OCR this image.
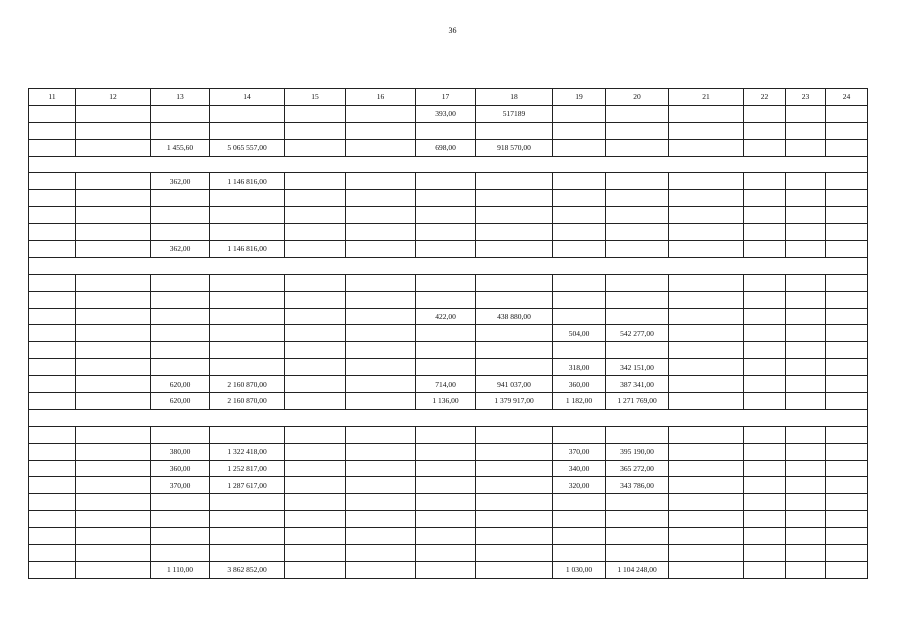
36
11	12	13	14	15	16	17	18	19	20	21	22	23	24
						393,00	517189						

		1 455,60	5 065 557,00			698,00	918 570,00						

		362,00	1 146 816,00										

		362,00	1 146 816,00										

						422,00	438 880,00						
								504,00	542 277,00				

								318,00	342 151,00				
		620,00	2 160 870,00			714,00	941 037,00	360,00	387 341,00				
		620,00	2 160 870,00			1 136,00	1 379 917,00	1 182,00	1 271 769,00				

		380,00	1 322 418,00					370,00	395 190,00				
		360,00	1 252 817,00					340,00	365 272,00				
		370,00	1 287 617,00					320,00	343 786,00				

		1 110,00	3 862 852,00					1 030,00	1 104 248,00				
